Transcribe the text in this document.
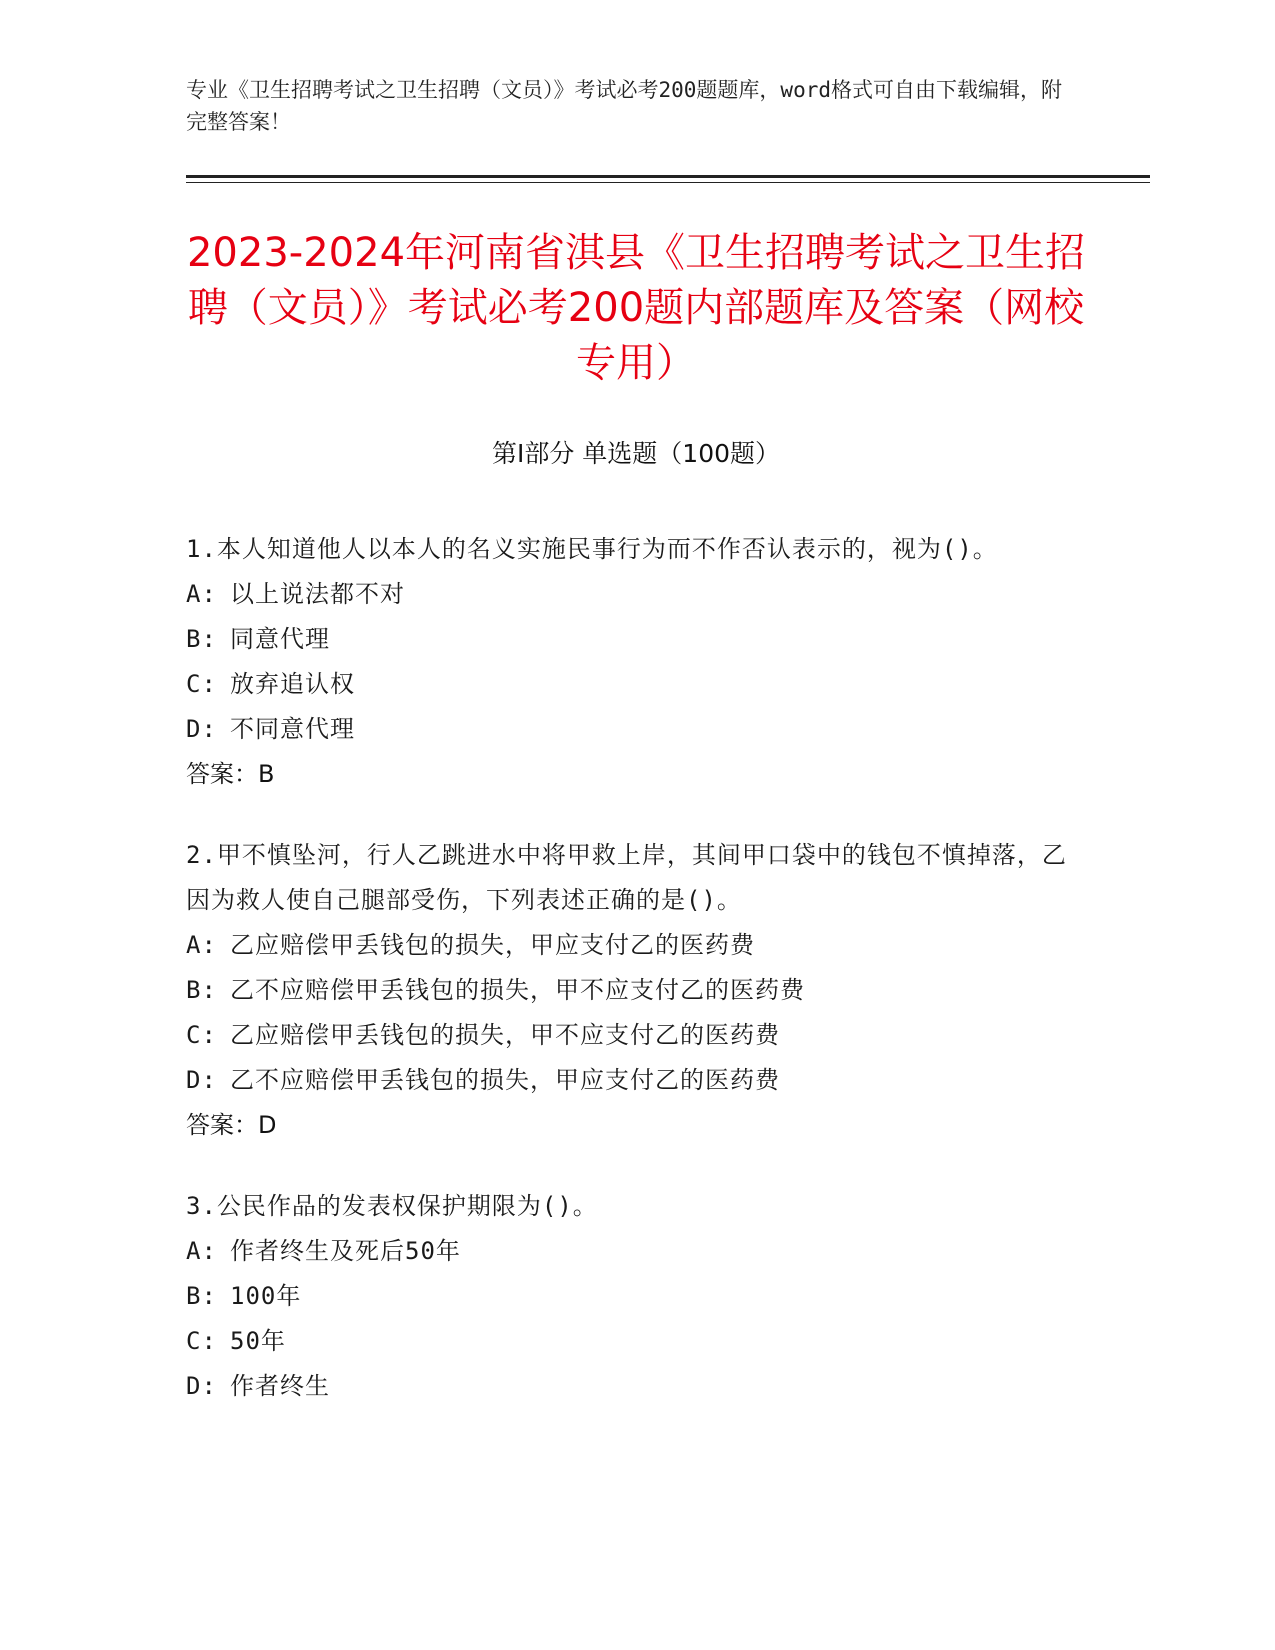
专业《卫生招聘考试之卫生招聘（文员）》考试必考200题题库，word格式可自由下载编辑，附完整答案！
2023-2024年河南省淇县《卫生招聘考试之卫生招聘（文员）》考试必考200题内部题库及答案（网校专用）
第I部分 单选题（100题）
1.本人知道他人以本人的名义实施民事行为而不作否认表示的，视为()。
A: 以上说法都不对
B: 同意代理
C: 放弃追认权
D: 不同意代理
答案：B
2.甲不慎坠河，行人乙跳进水中将甲救上岸，其间甲口袋中的钱包不慎掉落，乙因为救人使自己腿部受伤，下列表述正确的是()。
A: 乙应赔偿甲丢钱包的损失，甲应支付乙的医药费
B: 乙不应赔偿甲丢钱包的损失，甲不应支付乙的医药费
C: 乙应赔偿甲丢钱包的损失，甲不应支付乙的医药费
D: 乙不应赔偿甲丢钱包的损失，甲应支付乙的医药费
答案：D
3.公民作品的发表权保护期限为()。
A: 作者终生及死后50年
B: 100年
C: 50年
D: 作者终生
